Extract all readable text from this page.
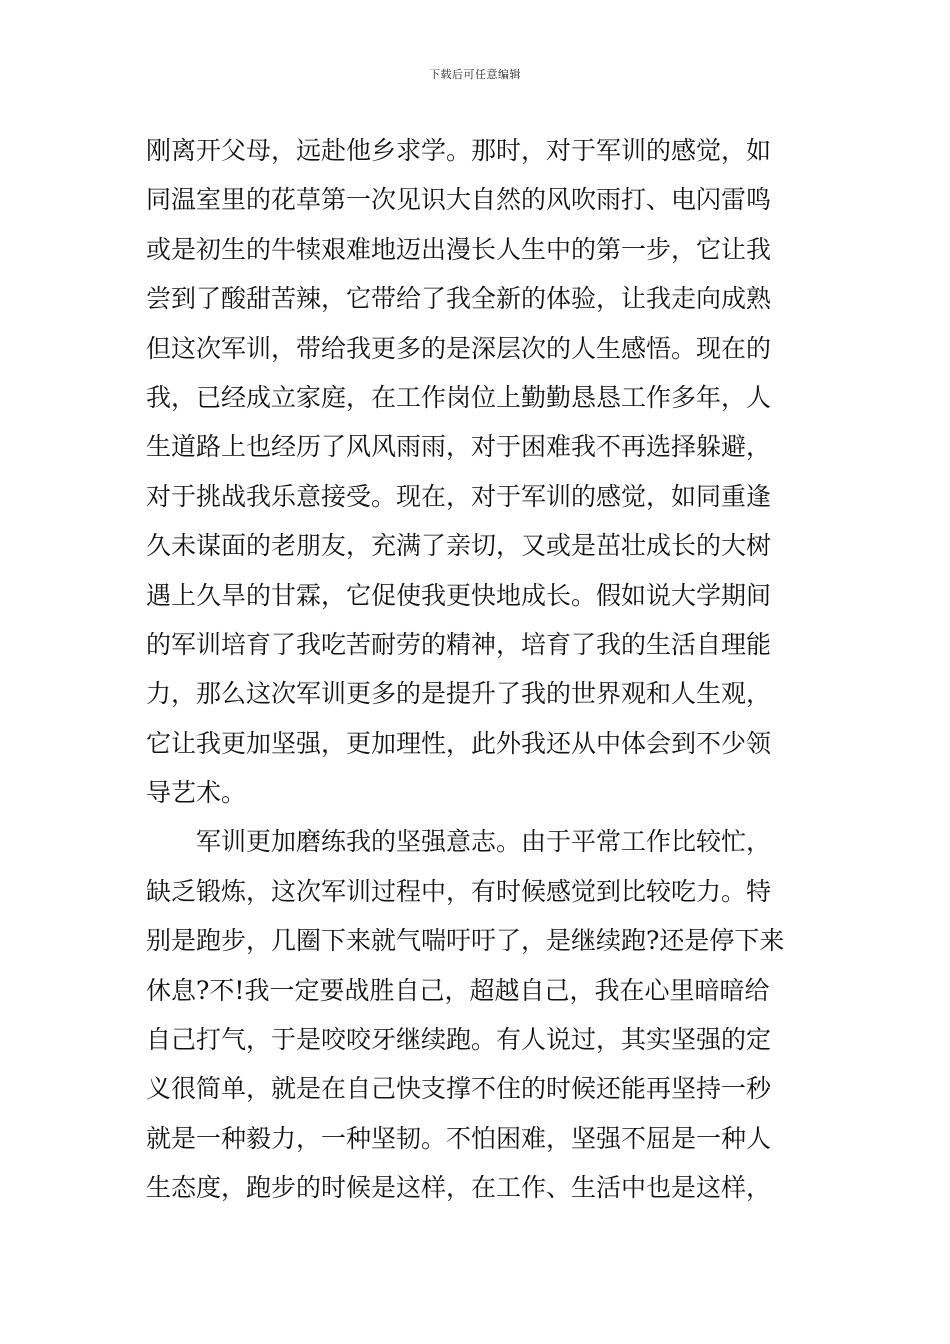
下载后可任意编辑
刚离开父母，远赴他乡求学。那时，对于军训的感觉，如
同温室里的花草第一次见识大自然的风吹雨打、电闪雷鸣
或是初生的牛犊艰难地迈出漫长人生中的第一步，它让我
尝到了酸甜苦辣，它带给了我全新的体验，让我走向成熟
但这次军训，带给我更多的是深层次的人生感悟。现在的
我，已经成立家庭，在工作岗位上勤勤恳恳工作多年，人
生道路上也经历了风风雨雨，对于困难我不再选择躲避，
对于挑战我乐意接受。现在，对于军训的感觉，如同重逢
久未谋面的老朋友，充满了亲切，又或是茁壮成长的大树
遇上久旱的甘霖，它促使我更快地成长。假如说大学期间
的军训培育了我吃苦耐劳的精神，培育了我的生活自理能
力，那么这次军训更多的是提升了我的世界观和人生观，
它让我更加坚强，更加理性，此外我还从中体会到不少领
导艺术。
军训更加磨练我的坚强意志。由于平常工作比较忙，
缺乏锻炼，这次军训过程中，有时候感觉到比较吃力。特
别是跑步，几圈下来就气喘吁吁了，是继续跑?还是停下来
休息?不!我一定要战胜自己，超越自己，我在心里暗暗给
自己打气，于是咬咬牙继续跑。有人说过，其实坚强的定
义很简单，就是在自己快支撑不住的时候还能再坚持一秒
就是一种毅力，一种坚韧。不怕困难，坚强不屈是一种人
生态度，跑步的时候是这样，在工作、生活中也是这样，
